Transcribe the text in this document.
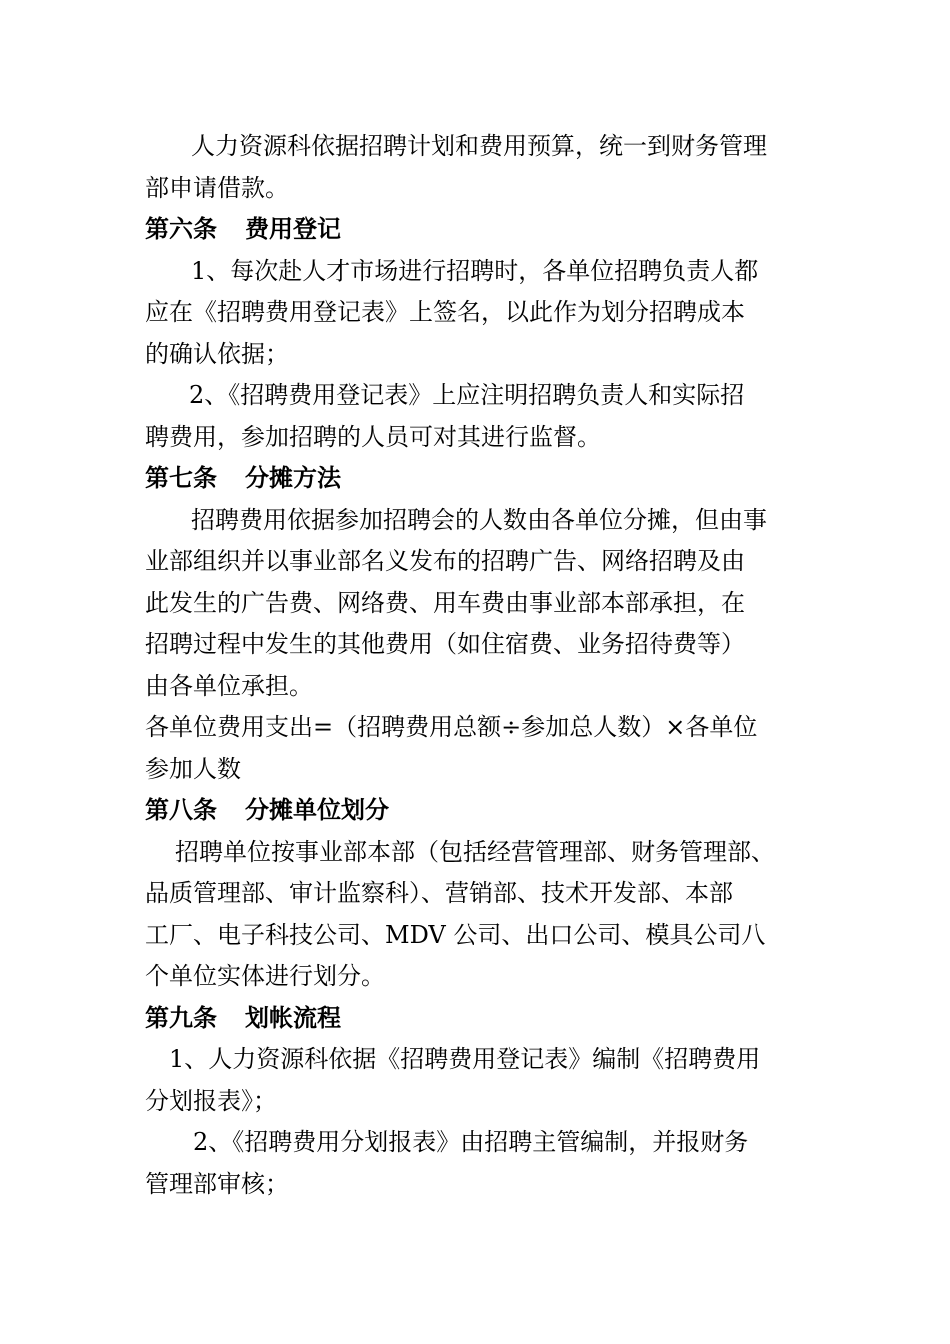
人力资源科依据招聘计划和费用预算，统一到财务管理
部申请借款。
第六条 费用登记
1、每次赴人才市场进行招聘时，各单位招聘负责人都
应在《招聘费用登记表》上签名，以此作为划分招聘成本
的确认依据；
2、《招聘费用登记表》上应注明招聘负责人和实际招
聘费用，参加招聘的人员可对其进行监督。
第七条 分摊方法
招聘费用依据参加招聘会的人数由各单位分摊，但由事
业部组织并以事业部名义发布的招聘广告、网络招聘及由
此发生的广告费、网络费、用车费由事业部本部承担，在
招聘过程中发生的其他费用（如住宿费、业务招待费等）
由各单位承担。
各单位费用支出=（招聘费用总额÷参加总人数）×各单位
参加人数
第八条 分摊单位划分
招聘单位按事业部本部（包括经营管理部、财务管理部、
品质管理部、审计监察科）、营销部、技术开发部、本部
工厂、电子科技公司、MDV 公司、出口公司、模具公司八
个单位实体进行划分。
第九条 划帐流程
1、人力资源科依据《招聘费用登记表》编制《招聘费用
分划报表》；
2、《招聘费用分划报表》由招聘主管编制，并报财务
管理部审核；
